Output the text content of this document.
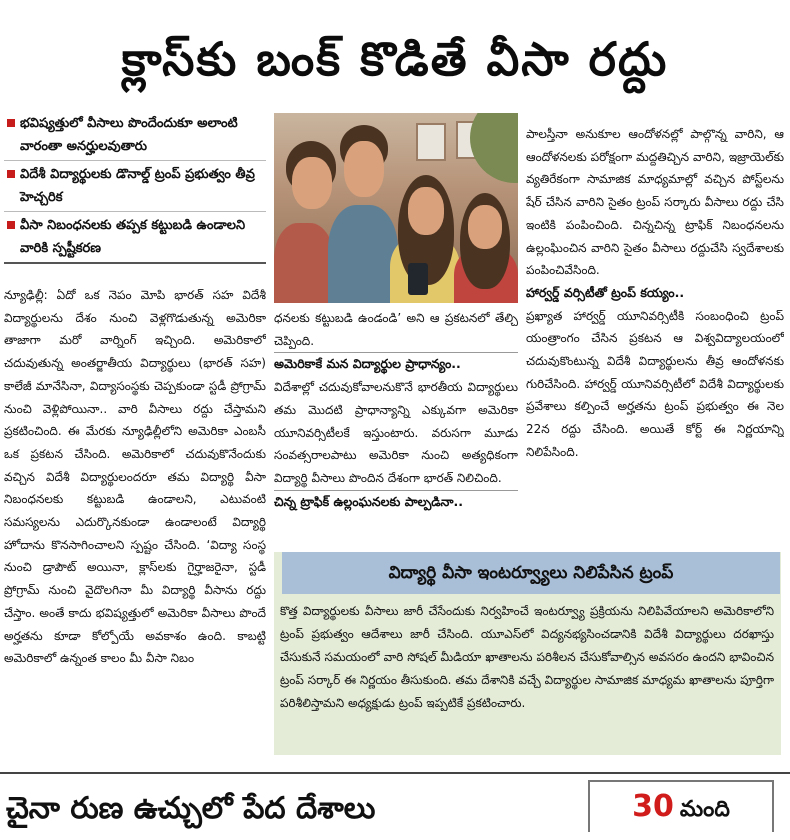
క్లాస్‌కు బంక్ కొడితే వీసా రద్దు
భవిష్యత్తులో వీసాలు పొందేందుకూ అలాంటి వారంతా అనర్హులవుతారు
విదేశీ విద్యార్థులకు డొనాల్డ్ ట్రంప్ ప్రభుత్వం తీవ్ర హెచ్చరిక
వీసా నిబంధనలకు తప్పక కట్టుబడి ఉండాలని వారికి స్పష్టీకరణ

న్యూఢిల్లీ: ఏదో ఒక నెపం మోపి భారత్ సహ విదేశీ విద్యార్థులను దేశం నుంచి వెళ్లగొడుతున్న అమెరికా తాజాగా మరో వార్నింగ్ ఇచ్చింది. అమెరికాలో చదువుతున్న అంతర్జాతీయ విద్యార్థులు (భారత్ సహ) కాలేజీ మానేసినా, విద్యాసంస్థకు చెప్పకుండా స్టడీ ప్రోగ్రామ్ నుంచి వెళ్లిపోయినా.. వారి వీసాలు రద్దు చేస్తామని ప్రకటించింది. ఈ మేరకు న్యూఢిల్లీలోని అమెరికా ఎంబసీ ఒక ప్రకటన చేసింది. అమెరికాలో చదువుకొనేందుకు వచ్చిన విదేశీ విద్యార్థులందరూ తమ విద్యార్థి వీసా నిబంధనలకు కట్టుబడి ఉండాలని, ఎటువంటి సమస్యలను ఎదుర్కొనకుండా ఉండాలంటే విద్యార్థి హోదాను కొనసాగించాలని స్పష్టం చేసింది. ‘విద్యా సంస్థ నుంచి డ్రాపౌట్ అయినా, క్లాస్‌లకు గైర్హాజరైనా, స్టడీ ప్రోగ్రామ్ నుంచి వైదొలగినా మీ విద్యార్థి వీసాను రద్దు చేస్తాం. అంతే కాదు భవిష్యత్తులో అమెరికా వీసాలు పొందే అర్హతను కూడా కోల్పోయే అవకాశం ఉంది. కాబట్టి అమెరికాలో ఉన్నంత కాలం మీ వీసా నిబం

ధనలకు కట్టుబడి ఉండండి’ అని ఆ ప్రకటనలో తేల్చి చెప్పింది.

అమెరికాకే మన విద్యార్థుల ప్రాధాన్యం..

విదేశాల్లో చదువుకోవాలనుకొనే భారతీయ విద్యార్థులు తమ మొదటి ప్రాధాన్యాన్ని ఎక్కువగా అమెరికా యూనివర్సిటీలకే ఇస్తుంటారు. వరుసగా మూడు సంవత్సరాలపాటు అమెరికా నుంచి అత్యధికంగా విద్యార్థి వీసాలు పొందిన దేశంగా భారత్ నిలిచింది.

చిన్న ట్రాఫిక్ ఉల్లంఘనలకు పాల్పడినా..

పాలస్తీనా అనుకూల ఆందోళనల్లో పాల్గొన్న వారిని, ఆ ఆందోళనలకు పరోక్షంగా మద్దతిచ్చిన వారిని, ఇజ్రాయెల్‌కు వ్యతిరేకంగా సామాజిక మాధ్యమాల్లో వచ్చిన పోస్ట్‌లను షేర్ చేసిన వారిని సైతం ట్రంప్ సర్కారు వీసాలు రద్దు చేసి ఇంటికి పంపించింది. చిన్నచిన్న ట్రాఫిక్ నిబంధనలను ఉల్లంఘించిన వారిని సైతం వీసాలు రద్దుచేసి స్వదేశాలకు పంపించివేసింది.

హార్వర్డ్ వర్సిటీతో ట్రంప్ కయ్యం..

ప్రఖ్యాత హార్వర్డ్ యూనివర్సిటీకి సంబంధించి ట్రంప్ యంత్రాంగం చేసిన ప్రకటన ఆ విశ్వవిద్యాలయంలో చదువుకొంటున్న విదేశీ విద్యార్థులను తీవ్ర ఆందోళనకు గురిచేసింది. హార్వర్డ్ యూనివర్సిటీలో విదేశీ విద్యార్థులకు ప్రవేశాలు కల్పించే అర్హతను ట్రంప్ ప్రభుత్వం ఈ నెల 22న రద్దు చేసింది. అయితే కోర్ట్ ఈ నిర్ణయాన్ని నిలిపేసింది.

విద్యార్థి వీసా ఇంటర్వ్యూలు నిలిపేసిన ట్రంప్

కొత్త విద్యార్థులకు వీసాలు జారీ చేసేందుకు నిర్వహించే ఇంటర్వ్యూ ప్రక్రియను నిలిపివేయాలని అమెరికాలోని ట్రంప్ ప్రభుత్వం ఆదేశాలు జారీ చేసింది. యూఎస్‌లో విద్యనభ్యసించడానికి విదేశీ విద్యార్థులు దరఖాస్తు చేసుకునే సమయంలో వారి సోషల్ మీడియా ఖాతాలను పరిశీలన చేసుకోవాల్సిన అవసరం ఉందని భావించిన ట్రంప్ సర్కార్ ఈ నిర్ణయం తీసుకుంది. తమ దేశానికి వచ్చే విద్యార్థుల సామాజిక మాధ్యమ ఖాతాలను పూర్తిగా పరిశీలిస్తామని అధ్యక్షుడు ట్రంప్ ఇప్పటికే ప్రకటించారు.

చైనా రుణ ఉచ్చులో పేద దేశాలు	30 మంది
